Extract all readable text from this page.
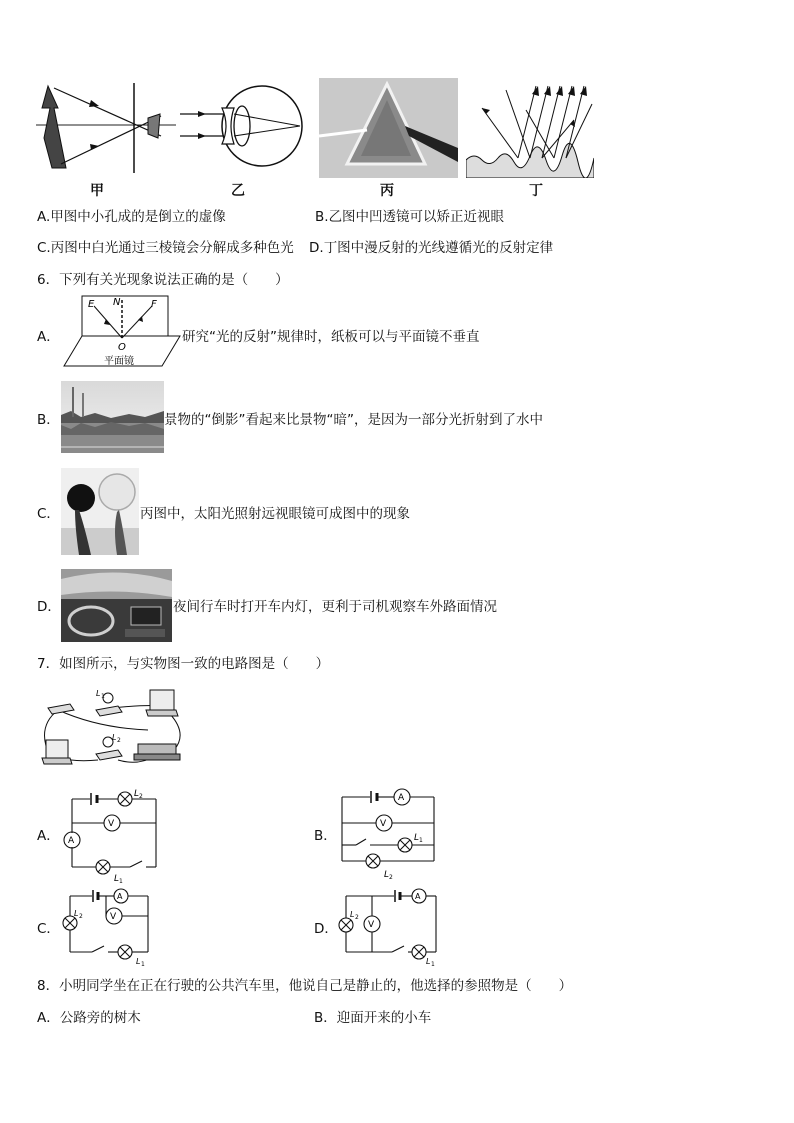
甲	乙	丙	丁
A.甲图中小孔成的是倒立的虚像	B.乙图中凹透镜可以矫正近视眼
C.丙图中白光通过三棱镜会分解成多种色光 D.丁图中漫反射的光线遵循光的反射定律
6．下列有关光现象说法正确的是（　　）
A．
E N	F
O
平面镜
研究“光的反射”规律时，纸板可以与平面镜不垂直
B．	景物的“倒影”看起来比景物“暗”，是因为一部分光折射到了水中
C．	丙图中，太阳光照射远视眼镜可成图中的现象
D．	夜间行车时打开车内灯，更利于司机观察车外路面情况
7．如图所示，与实物图一致的电路图是（　　）
L 1
L 2
A．
V
A
L 2
L 1
B．
A
V
L 1
L 2
C．
A
V
L 2
L 1
D．
A
V
L 2
L 1
8．小明同学坐在正在行驶的公共汽车里，他说自己是静止的，他选择的参照物是（　　）
A．公路旁的树木	B．迎面开来的小车
